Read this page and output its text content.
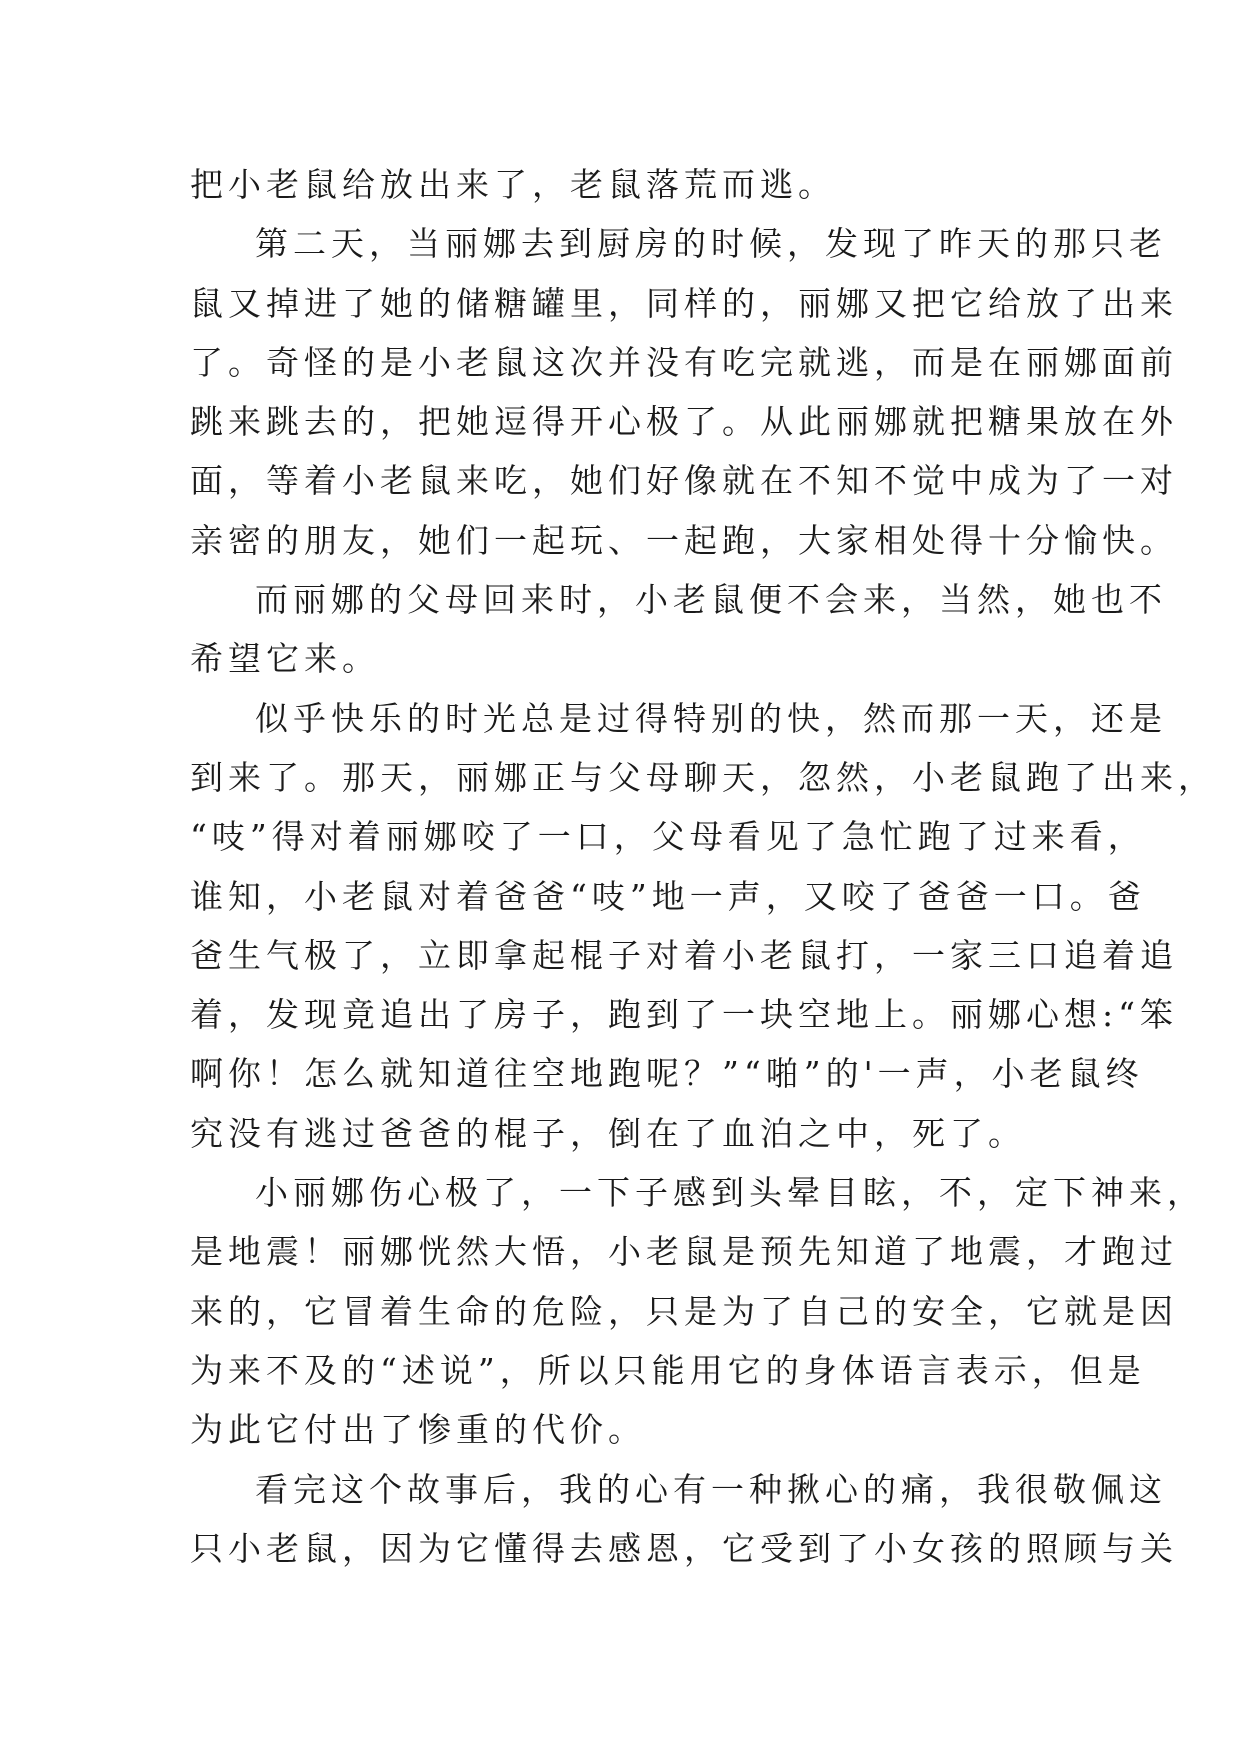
把小老鼠给放出来了，老鼠落荒而逃。
第二天，当丽娜去到厨房的时候，发现了昨天的那只老
鼠又掉进了她的储糖罐里，同样的，丽娜又把它给放了出来
了。奇怪的是小老鼠这次并没有吃完就逃，而是在丽娜面前
跳来跳去的，把她逗得开心极了。从此丽娜就把糖果放在外
面，等着小老鼠来吃，她们好像就在不知不觉中成为了一对
亲密的朋友，她们一起玩、一起跑，大家相处得十分愉快。
而丽娜的父母回来时，小老鼠便不会来，当然，她也不
希望它来。
似乎快乐的时光总是过得特别的快，然而那一天，还是
到来了。那天，丽娜正与父母聊天，忽然，小老鼠跑了出来，
“吱”得对着丽娜咬了一口，父母看见了急忙跑了过来看，
谁知，小老鼠对着爸爸“吱”地一声，又咬了爸爸一口。爸
爸生气极了，立即拿起棍子对着小老鼠打，一家三口追着追
着，发现竟追出了房子，跑到了一块空地上。丽娜心想:“笨
啊你！怎么就知道往空地跑呢？”“啪”的'一声，小老鼠终
究没有逃过爸爸的棍子，倒在了血泊之中，死了。
小丽娜伤心极了，一下子感到头晕目眩，不，定下神来，
是地震！丽娜恍然大悟，小老鼠是预先知道了地震，才跑过
来的，它冒着生命的危险，只是为了自己的安全，它就是因
为来不及的“述说”，所以只能用它的身体语言表示，但是
为此它付出了惨重的代价。
看完这个故事后，我的心有一种揪心的痛，我很敬佩这
只小老鼠，因为它懂得去感恩，它受到了小女孩的照顾与关
